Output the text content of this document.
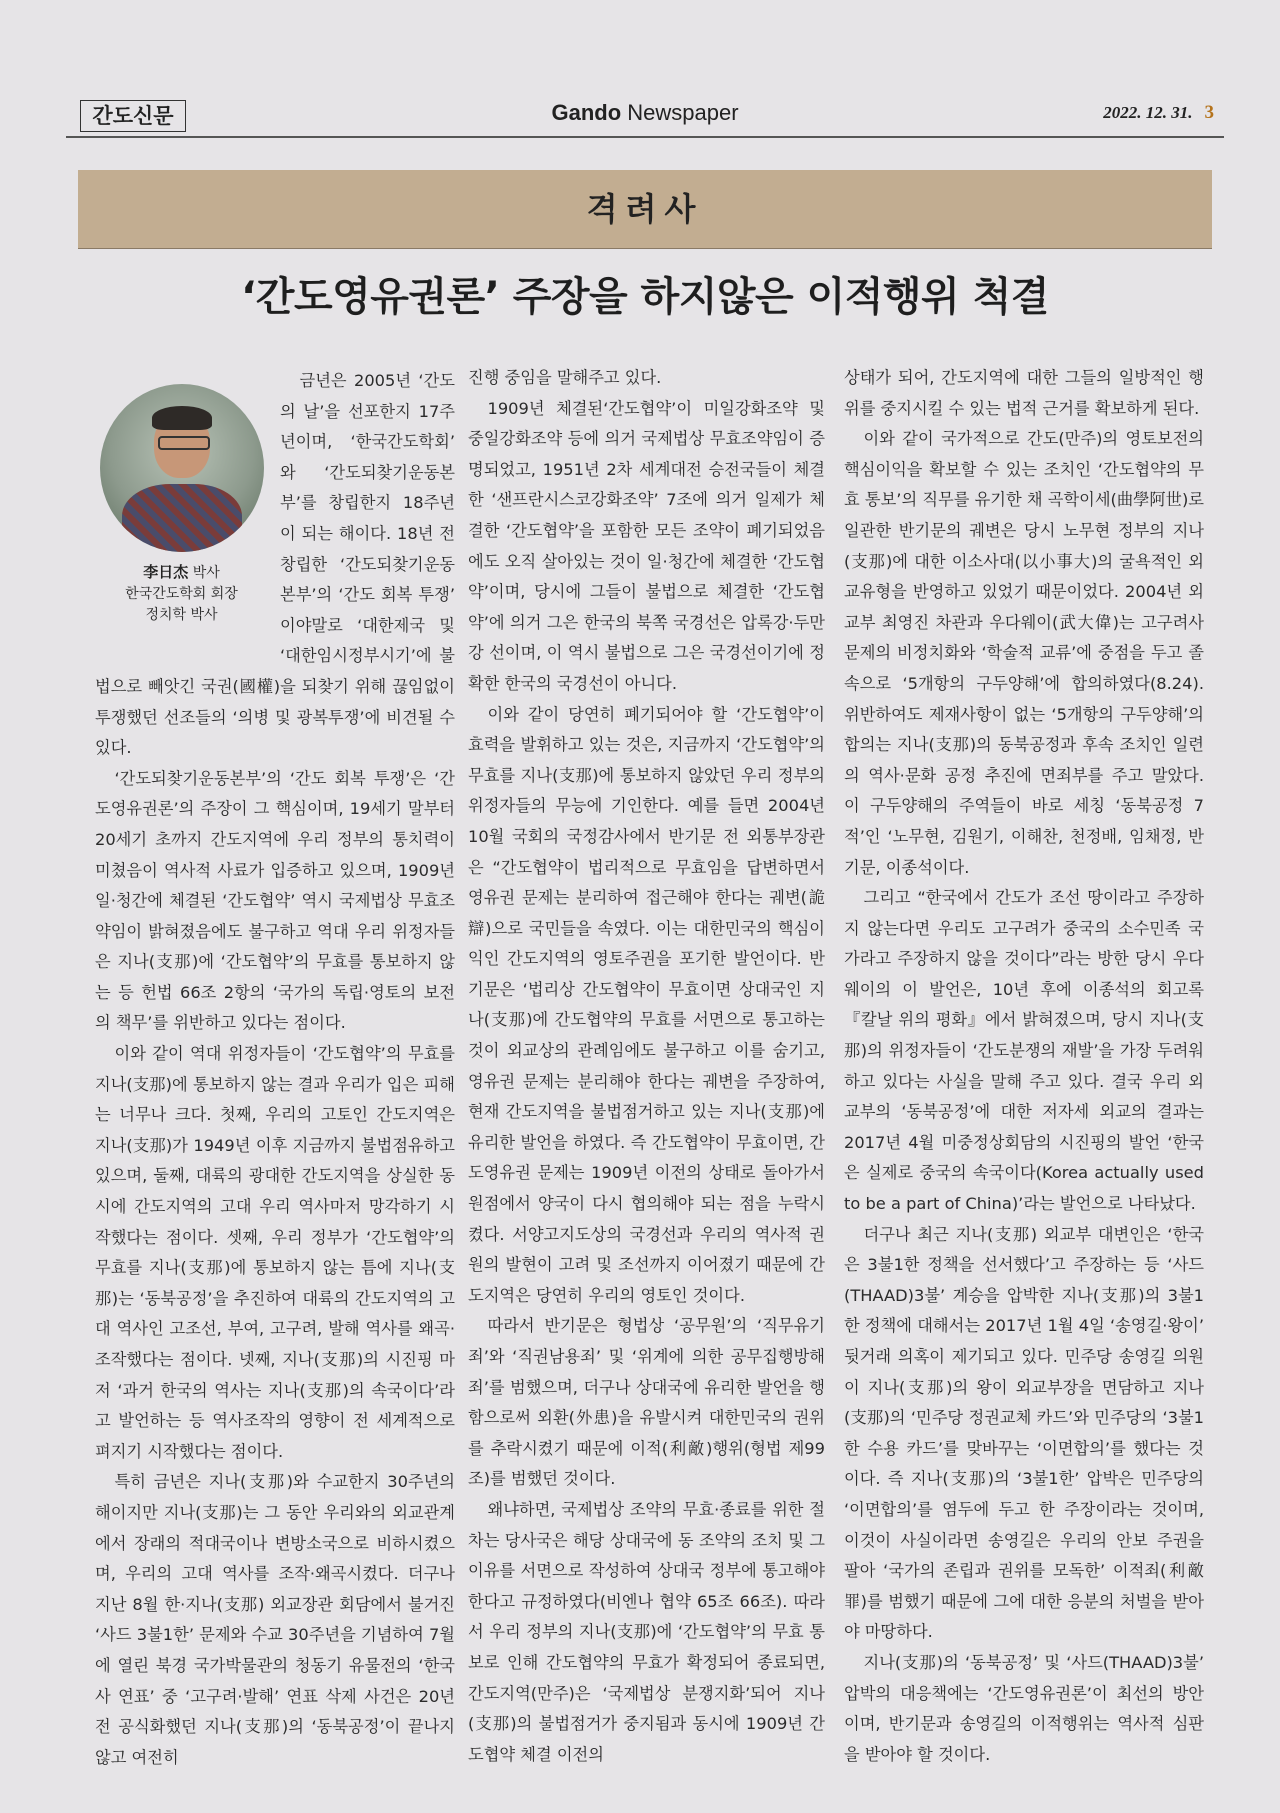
간도신문	Gando Newspaper	2022. 12. 31. 3
격려사
‘간도영유권론’ 주장을 하지않은 이적행위 척결
李日杰 박사
한국간도학회 회장
정치학 박사

금년은 2005년 ‘간도의 날’을 선포한지 17주년이며, ‘한국간도학회’ 와 ‘간도되찾기운동본부’를 창립한지 18주년이 되는 해이다. 18년 전 창립한 ‘간도되찾기운동본부’의 ‘간도 회복 투쟁’ 이야말로 ‘대한제국 및 ‘대한임시정부시기’에 불법으로 빼앗긴 국권(國權)을 되찾기 위해 끊임없이 투쟁했던 선조들의 ‘의병 및 광복투쟁’에 비견될 수 있다.

‘간도되찾기운동본부’의 ‘간도 회복 투쟁’은 ‘간도영유권론’의 주장이 그 핵심이며, 19세기 말부터 20세기 초까지 간도지역에 우리 정부의 통치력이 미쳤음이 역사적 사료가 입증하고 있으며, 1909년 일·청간에 체결된 ‘간도협약’ 역시 국제법상 무효조약임이 밝혀졌음에도 불구하고 역대 우리 위정자들은 지나(支那)에 ‘간도협약’의 무효를 통보하지 않는 등 헌법 66조 2항의 ‘국가의 독립·영토의 보전의 책무’를 위반하고 있다는 점이다.

이와 같이 역대 위정자들이 ‘간도협약’의 무효를 지나(支那)에 통보하지 않는 결과 우리가 입은 피해는 너무나 크다. 첫째, 우리의 고토인 간도지역은 지나(支那)가 1949년 이후 지금까지 불법점유하고 있으며, 둘째, 대륙의 광대한 간도지역을 상실한 동시에 간도지역의 고대 우리 역사마저 망각하기 시작했다는 점이다. 셋째, 우리 정부가 ‘간도협약’의 무효를 지나(支那)에 통보하지 않는 틈에 지나(支那)는 ‘동북공정’을 추진하여 대륙의 간도지역의 고대 역사인 고조선, 부여, 고구려, 발해 역사를 왜곡·조작했다는 점이다. 넷째, 지나(支那)의 시진핑 마저 ‘과거 한국의 역사는 지나(支那)의 속국이다’라고 발언하는 등 역사조작의 영향이 전 세계적으로 펴지기 시작했다는 점이다.

특히 금년은 지나(支那)와 수교한지 30주년의 해이지만 지나(支那)는 그 동안 우리와의 외교관계에서 장래의 적대국이나 변방소국으로 비하시켰으며, 우리의 고대 역사를 조작·왜곡시켰다. 더구나 지난 8월 한·지나(支那) 외교장관 회담에서 불거진 ‘사드 3불1한’ 문제와 수교 30주년을 기념하여 7월에 열린 북경 국가박물관의 청동기 유물전의 ‘한국사 연표’ 중 ‘고구려·발해’ 연표 삭제 사건은 20년 전 공식화했던 지나(支那)의 ‘동북공정’이 끝나지 않고 여전히

진행 중임을 말해주고 있다.

1909년 체결된‘간도협약’이 미일강화조약 및 중일강화조약 등에 의거 국제법상 무효조약임이 증명되었고, 1951년 2차 세계대전 승전국들이 체결한 ‘샌프란시스코강화조약’ 7조에 의거 일제가 체결한 ‘간도협약’을 포함한 모든 조약이 폐기되었음에도 오직 살아있는 것이 일·청간에 체결한 ‘간도협약’이며, 당시에 그들이 불법으로 체결한 ‘간도협약’에 의거 그은 한국의 북쪽 국경선은 압록강·두만강 선이며, 이 역시 불법으로 그은 국경선이기에 정확한 한국의 국경선이 아니다.

이와 같이 당연히 폐기되어야 할 ‘간도협약’이 효력을 발휘하고 있는 것은, 지금까지 ‘간도협약’의 무효를 지나(支那)에 통보하지 않았던 우리 정부의 위정자들의 무능에 기인한다. 예를 들면 2004년 10월 국회의 국정감사에서 반기문 전 외통부장관은 “간도협약이 법리적으로 무효임을 답변하면서 영유권 문제는 분리하여 접근해야 한다는 궤변(詭辯)으로 국민들을 속였다. 이는 대한민국의 핵심이익인 간도지역의 영토주권을 포기한 발언이다. 반기문은 ‘법리상 간도협약이 무효이면 상대국인 지나(支那)에 간도협약의 무효를 서면으로 통고하는 것이 외교상의 관례임에도 불구하고 이를 숨기고, 영유권 문제는 분리해야 한다는 궤변을 주장하여, 현재 간도지역을 불법점거하고 있는 지나(支那)에 유리한 발언을 하였다. 즉 간도협약이 무효이면, 간도영유권 문제는 1909년 이전의 상태로 돌아가서 원점에서 양국이 다시 협의해야 되는 점을 누락시켰다. 서양고지도상의 국경선과 우리의 역사적 권원의 발현이 고려 및 조선까지 이어졌기 때문에 간도지역은 당연히 우리의 영토인 것이다.

따라서 반기문은 형법상 ‘공무원’의 ‘직무유기죄’와 ‘직권남용죄’ 및 ‘위계에 의한 공무집행방해죄’를 범했으며, 더구나 상대국에 유리한 발언을 행함으로써 외환(外患)을 유발시켜 대한민국의 권위를 추락시켰기 때문에 이적(利敵)행위(형법 제99조)를 범했던 것이다.

왜냐하면, 국제법상 조약의 무효·종료를 위한 절차는 당사국은 해당 상대국에 동 조약의 조치 및 그 이유를 서면으로 작성하여 상대국 정부에 통고해야 한다고 규정하였다(비엔나 협약 65조 66조). 따라서 우리 정부의 지나(支那)에 ‘간도협약’의 무효 통보로 인해 간도협약의 무효가 확정되어 종료되면, 간도지역(만주)은 ‘국제법상 분쟁지화’되어 지나(支那)의 불법점거가 중지됨과 동시에 1909년 간도협약 체결 이전의

상태가 되어, 간도지역에 대한 그들의 일방적인 행위를 중지시킬 수 있는 법적 근거를 확보하게 된다.

이와 같이 국가적으로 간도(만주)의 영토보전의 핵심이익을 확보할 수 있는 조치인 ‘간도협약의 무효 통보’의 직무를 유기한 채 곡학이세(曲學阿世)로 일관한 반기문의 궤변은 당시 노무현 정부의 지나(支那)에 대한 이소사대(以小事大)의 굴욕적인 외교유형을 반영하고 있었기 때문이었다. 2004년 외교부 최영진 차관과 우다웨이(武大偉)는 고구려사 문제의 비정치화와 ‘학술적 교류’에 중점을 두고 졸속으로 ‘5개항의 구두양해’에 합의하였다(8.24). 위반하여도 제재사항이 없는 ‘5개항의 구두양해’의 합의는 지나(支那)의 동북공정과 후속 조치인 일련의 역사·문화 공정 추진에 면죄부를 주고 말았다. 이 구두양해의 주역들이 바로 세칭 ‘동북공정 7적’인 ‘노무현, 김원기, 이해찬, 천정배, 임채정, 반기문, 이종석이다.

그리고 “한국에서 간도가 조선 땅이라고 주장하지 않는다면 우리도 고구려가 중국의 소수민족 국가라고 주장하지 않을 것이다”라는 방한 당시 우다웨이의 이 발언은, 10년 후에 이종석의 회고록 『칼날 위의 평화』에서 밝혀졌으며, 당시 지나(支那)의 위정자들이 ‘간도분쟁의 재발’을 가장 두려워하고 있다는 사실을 말해 주고 있다. 결국 우리 외교부의 ‘동북공정’에 대한 저자세 외교의 결과는 2017년 4월 미중정상회담의 시진핑의 발언 ‘한국은 실제로 중국의 속국이다(Korea actually used to be a part of China)’라는 발언으로 나타났다.

더구나 최근 지나(支那) 외교부 대변인은 ‘한국은 3불1한 정책을 선서했다’고 주장하는 등 ‘사드(THAAD)3불’ 계승을 압박한 지나(支那)의 3불1한 정책에 대해서는 2017년 1월 4일 ‘송영길·왕이’ 뒷거래 의혹이 제기되고 있다. 민주당 송영길 의원이 지나(支那)의 왕이 외교부장을 면담하고 지나(支那)의 ‘민주당 정권교체 카드’와 민주당의 ‘3불1한 수용 카드’를 맞바꾸는 ‘이면합의’를 했다는 것이다. 즉 지나(支那)의 ‘3불1한’ 압박은 민주당의 ‘이면합의’를 염두에 두고 한 주장이라는 것이며, 이것이 사실이라면 송영길은 우리의 안보 주권을 팔아 ‘국가의 존립과 권위를 모독한’ 이적죄(利敵罪)를 범했기 때문에 그에 대한 응분의 처벌을 받아야 마땅하다.

지나(支那)의 ‘동북공정’ 및 ‘사드(THAAD)3불’ 압박의 대응책에는 ‘간도영유권론’이 최선의 방안이며, 반기문과 송영길의 이적행위는 역사적 심판을 받아야 할 것이다.
